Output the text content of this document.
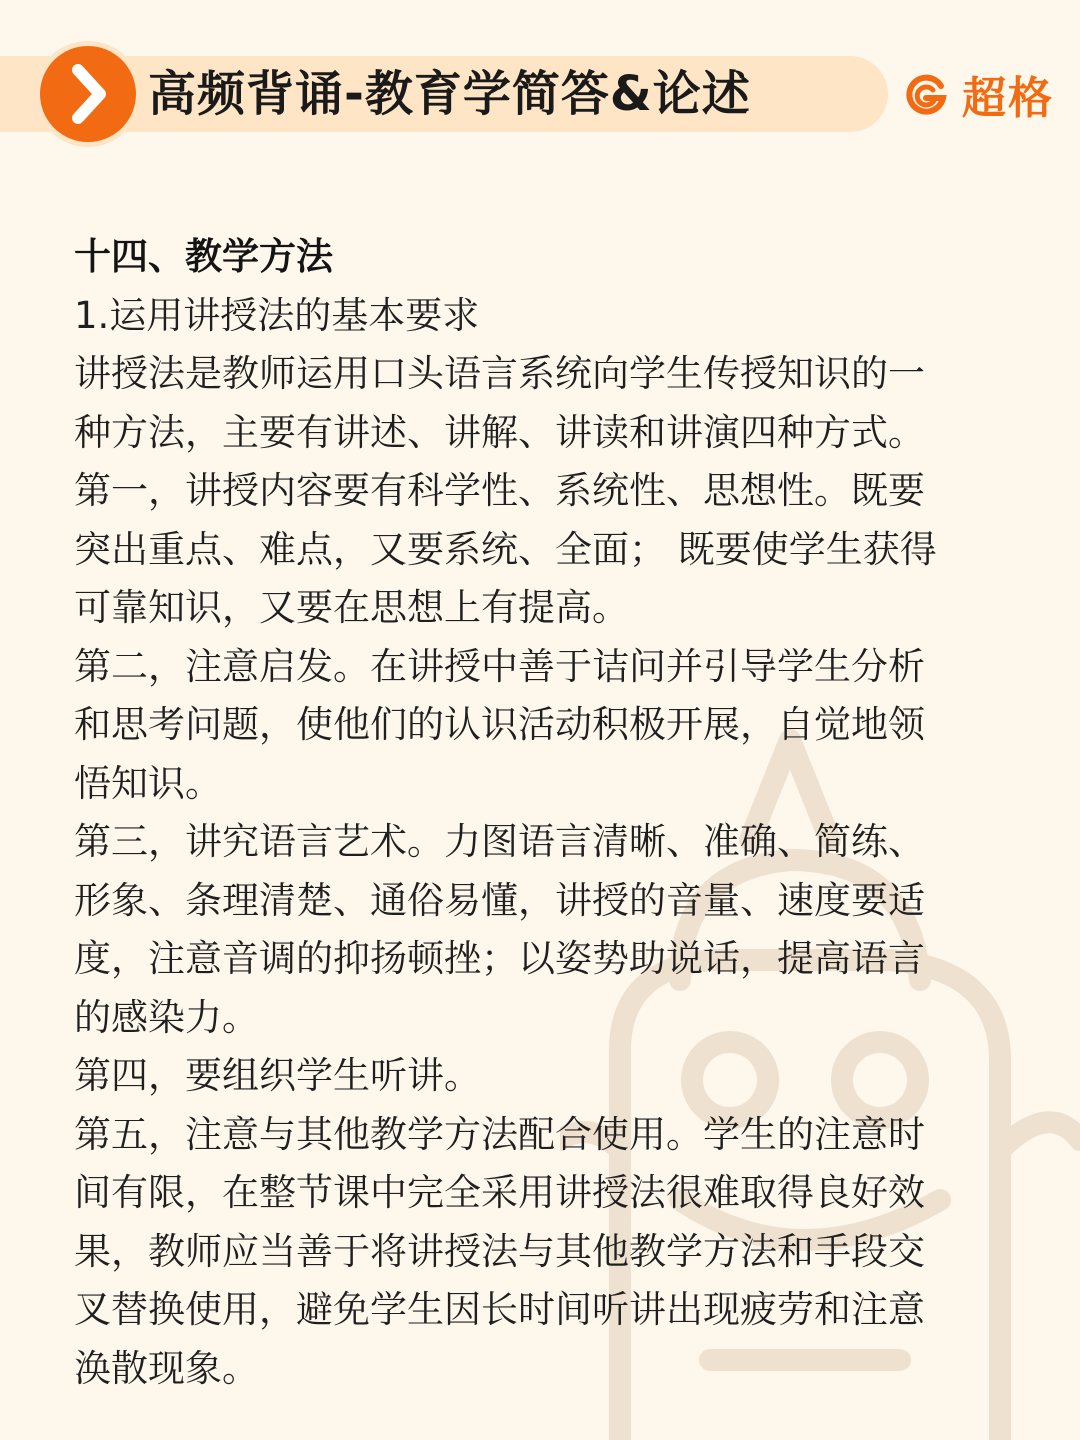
高频背诵-教育学简答&论述	超格
十四、教学方法
1.运用讲授法的基本要求
讲授法是教师运用口头语言系统向学生传授知识的一
种方法，主要有讲述、讲解、讲读和讲演四种方式。
第一，讲授内容要有科学性、系统性、思想性。既要
突出重点、难点，又要系统、全面； 既要使学生获得
可靠知识，又要在思想上有提高。
第二，注意启发。在讲授中善于诘问并引导学生分析
和思考问题，使他们的认识活动积极开展，自觉地领
悟知识。
第三，讲究语言艺术。力图语言清晰、准确、简练、
形象、条理清楚、通俗易懂，讲授的音量、速度要适
度，注意音调的抑扬顿挫；以姿势助说话，提高语言
的感染力。
第四，要组织学生听讲。
第五，注意与其他教学方法配合使用。学生的注意时
间有限，在整节课中完全采用讲授法很难取得良好效
果，教师应当善于将讲授法与其他教学方法和手段交
叉替换使用，避免学生因长时间听讲出现疲劳和注意
涣散现象。
